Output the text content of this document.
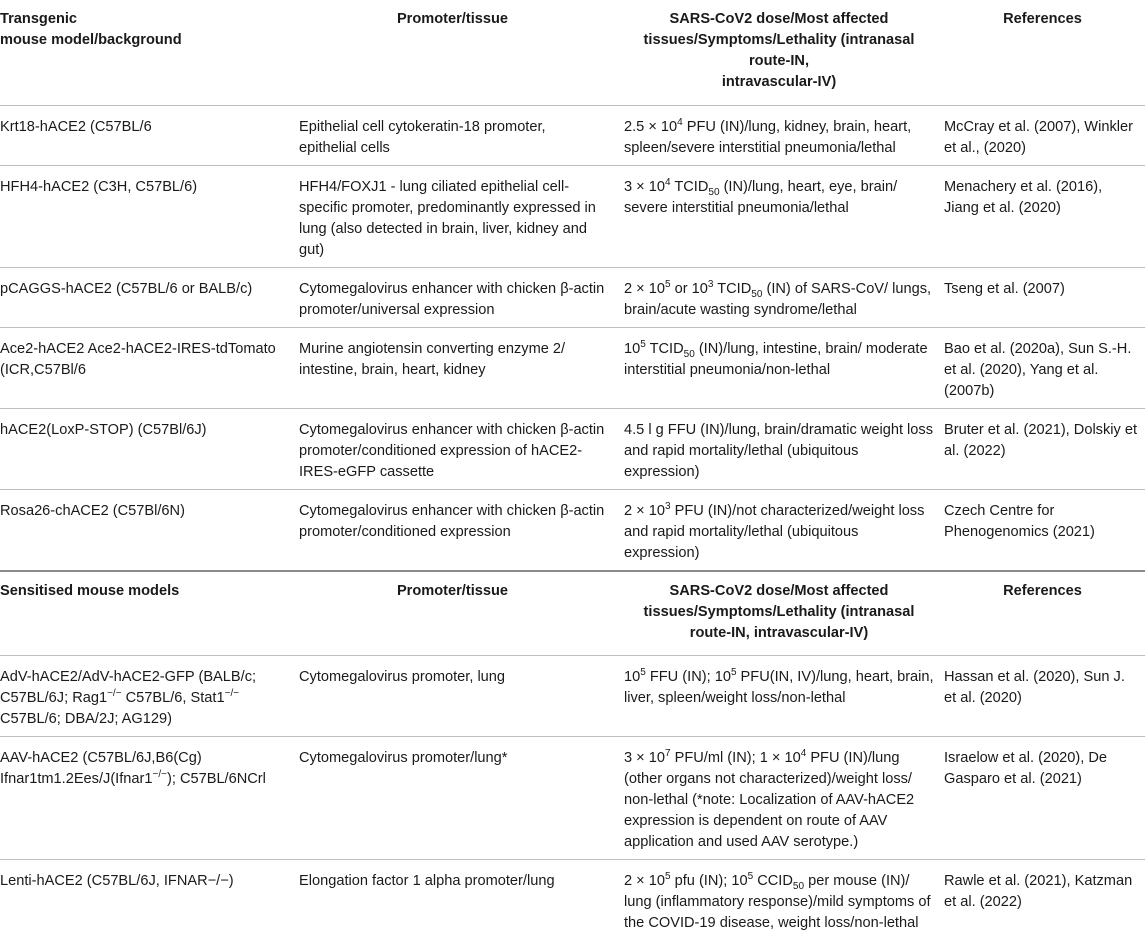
Transgenic
mouse model/background	Promoter/tissue	SARS-CoV2 dose/Most affected
tissues/Symptoms/Lethality (intranasal
route-IN,
intravascular-IV)	References
Krt18-hACE2 (C57BL/6	Epithelial cell cytokeratin-18 promoter, epithelial cells	$2.5 \times 10^4$ PFU (IN)/lung, kidney, brain, heart, spleen/severe interstitial pneumonia/lethal	McCray et al. (2007), Winkler et al., (2020)
HFH4-hACE2 (C3H, C57BL/6)	HFH4/FOXJ1 - lung ciliated epithelial cell-specific promoter, predominantly expressed in lung (also detected in brain, liver, kidney and gut)	$3 \times 10^4$ $TCID_{50}$ (IN)/lung, heart, eye, brain/ severe interstitial pneumonia/lethal	Menachery et al. (2016), Jiang et al. (2020)
pCAGGS-hACE2 (C57BL/6 or BALB/c)	Cytomegalovirus enhancer with chicken β-actin promoter/universal expression	$2 \times 10^5$ or $10^3$ $TCID_{50}$ (IN) of SARS-CoV/ lungs, brain/acute wasting syndrome/lethal	Tseng et al. (2007)
Ace2-hACE2 Ace2-hACE2-IRES-tdTomato (ICR,C57Bl/6	Murine angiotensin converting enzyme 2/ intestine, brain, heart, kidney	$10^5$ $TCID_{50}$ (IN)/lung, intestine, brain/ moderate interstitial pneumonia/non-lethal	Bao et al. (2020a), Sun S.-H. et al. (2020), Yang et al. (2007b)
hACE2(LoxP-STOP) (C57Bl/6J)	Cytomegalovirus enhancer with chicken β-actin promoter/conditioned expression of hACE2-IRES-eGFP cassette	4.5 l g FFU (IN)/lung, brain/dramatic weight loss and rapid mortality/lethal (ubiquitous expression)	Bruter et al. (2021), Dolskiy et al. (2022)
Rosa26-chACE2 (C57Bl/6N)	Cytomegalovirus enhancer with chicken β-actin promoter/conditioned expression	$2 \times 10^3$ PFU (IN)/not characterized/weight loss and rapid mortality/lethal (ubiquitous expression)	Czech Centre for Phenogenomics (2021)
Sensitised mouse models	Promoter/tissue	SARS-CoV2 dose/Most affected
tissues/Symptoms/Lethality (intranasal
route-IN, intravascular-IV)	References
AdV-hACE2/AdV-hACE2-GFP (BALB/c; C57BL/6J; Rag1−/− C57BL/6, Stat1−/− C57BL/6; DBA/2J; AG129)	Cytomegalovirus promoter, lung	$10^5$ FFU (IN); $10^5$ PFU(IN, IV)/lung, heart, brain, liver, spleen/weight loss/non-lethal	Hassan et al. (2020), Sun J. et al. (2020)
AAV-hACE2 (C57BL/6J,B6(Cg) Ifnar1tm1.2Ees/J(Ifnar1−/−); C57BL/6NCrl	Cytomegalovirus promoter/lung*	$3 \times 10^7$ PFU/ml (IN); $1 \times 10^4$ PFU (IN)/lung (other organs not characterized)/weight loss/ non-lethal (*note: Localization of AAV-hACE2 expression is dependent on route of AAV application and used AAV serotype.)	Israelow et al. (2020), De Gasparo et al. (2021)
Lenti-hACE2 (C57BL/6J, IFNAR−/−)	Elongation factor 1 alpha promoter/lung	$2 \times 10^5$ pfu (IN); $10^5$ $CCID_{50}$ per mouse (IN)/ lung (inflammatory response)/mild symptoms of the COVID-19 disease, weight loss/non-lethal	Rawle et al. (2021), Katzman et al. (2022)
